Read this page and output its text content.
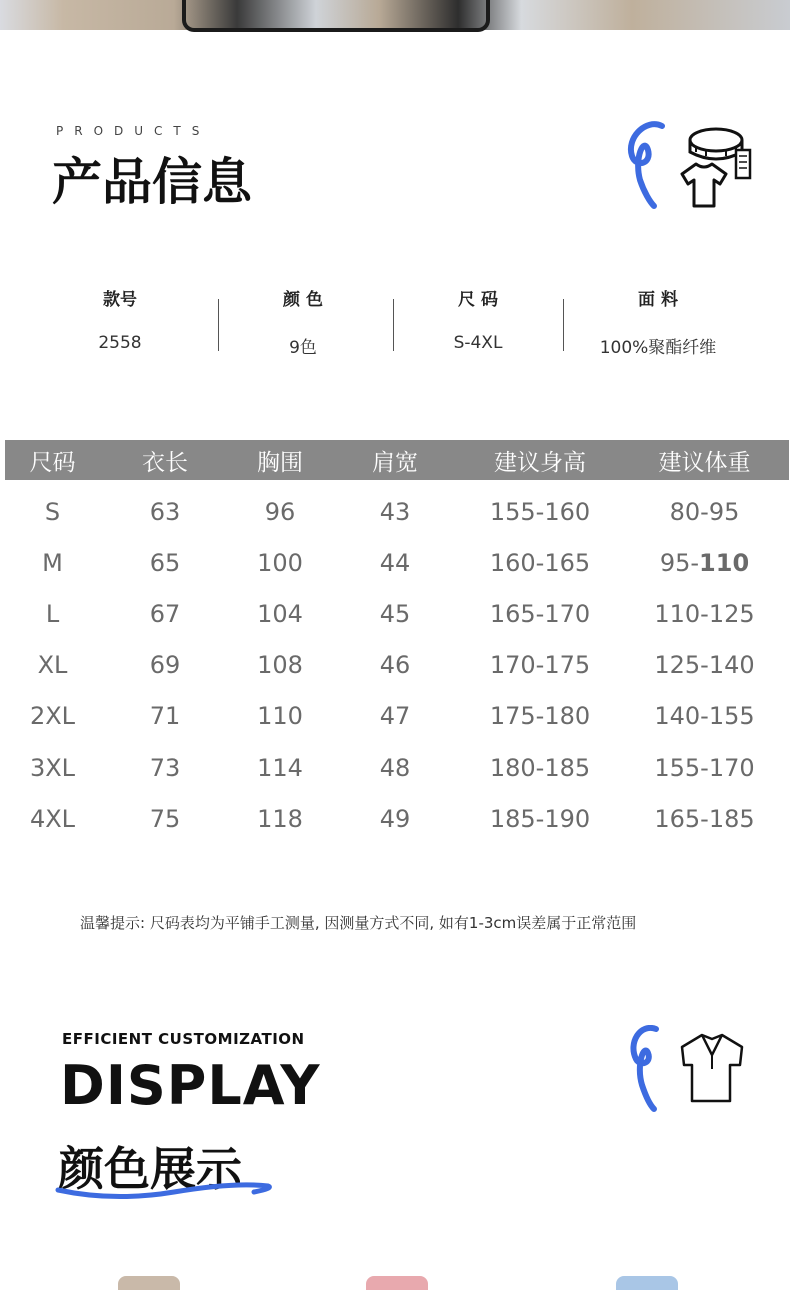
PRODUCTS
产品信息
款号
2558
颜 色
9色
尺 码
S-4XL
面 料
100%聚酯纤维
尺码	衣长	胸围	肩宽	建议身高	建议体重
S	63	96	43	155-160	80-95
M	65	100	44	160-165	95-110
L	67	104	45	165-170	110-125
XL	69	108	46	170-175	125-140
2XL	71	110	47	175-180	140-155
3XL	73	114	48	180-185	155-170
4XL	75	118	49	185-190	165-185
温馨提示: 尺码表均为平铺手工测量, 因测量方式不同, 如有1-3cm误差属于正常范围
EFFICIENT CUSTOMIZATION
DISPLAY
颜色展示
